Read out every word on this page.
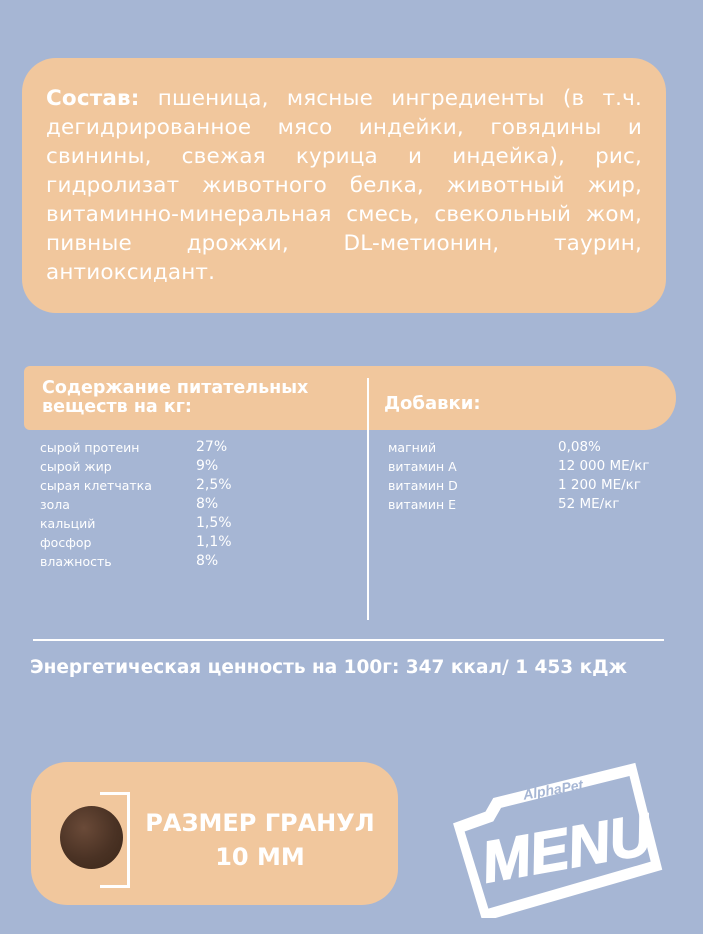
Состав: пшеница, мясные ингредиенты (в т.ч. дегидрированное мясо индейки, говядины и свинины, свежая курица и индейка), рис, гидролизат животного белка, животный жир, витаминно-минеральная смесь, свекольный жом, пивные дрожжи, DL-метионин, таурин, антиоксидант.

Содержание питательных веществ на кг:	Добавки:
сырой протеин	27%
сырой жир	9%
сырая клетчатка	2,5%
зола	8%
кальций	1,5%
фосфор	1,1%
влажность	8%
магний	0,08%
витамин A	12 000 МЕ/кг
витамин D	1 200 МЕ/кг
витамин E	52 МЕ/кг
Энергетическая ценность на 100г: 347 ккал/ 1 453 кДж
РАЗМЕР ГРАНУЛ
10 ММ
AlphaPet
MENU
